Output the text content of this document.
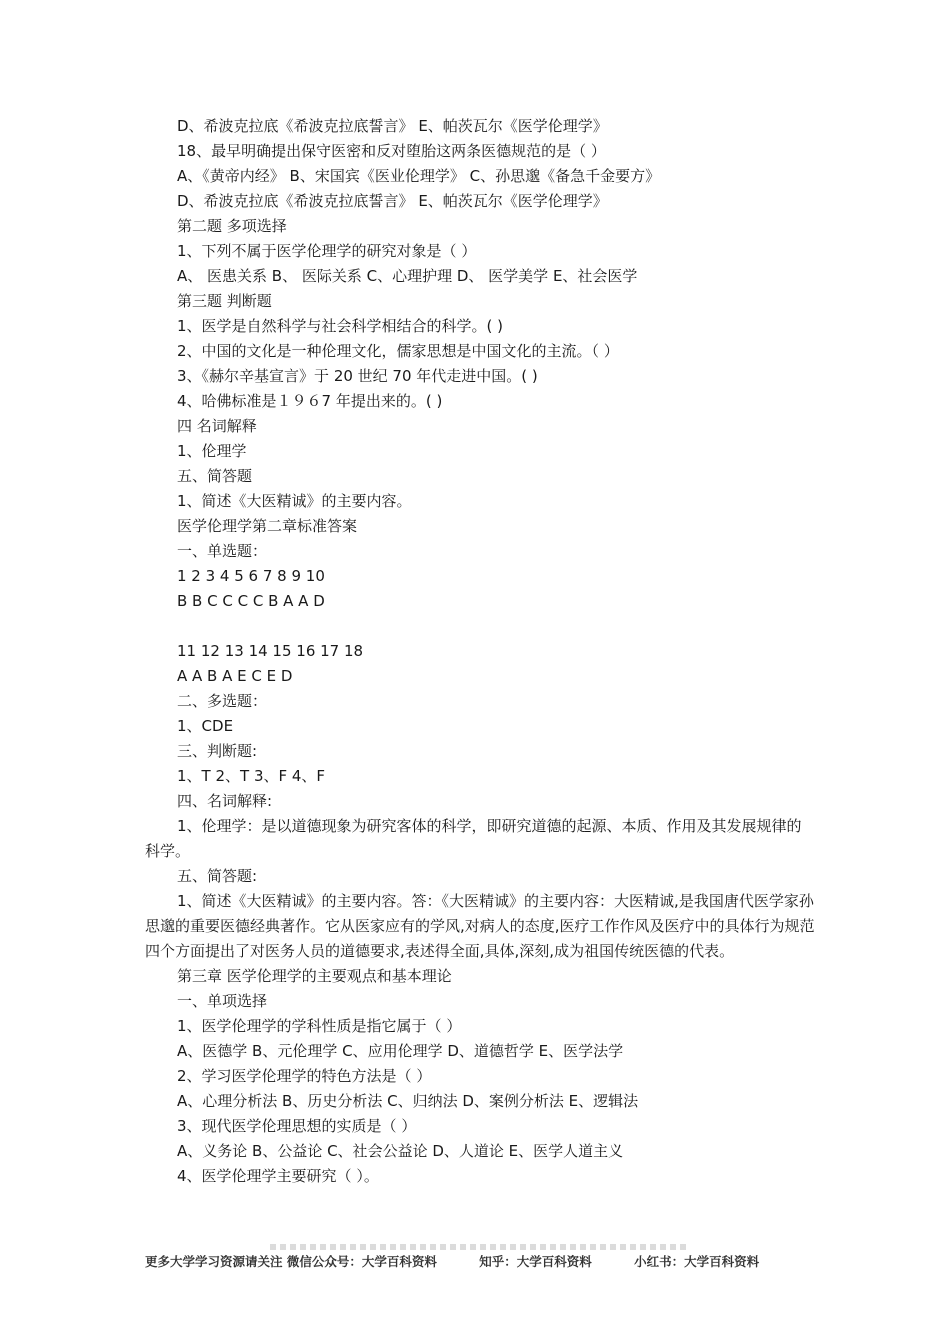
D、希波克拉底《希波克拉底誓言》 E、帕茨瓦尔《医学伦理学》
18、最早明确提出保守医密和反对堕胎这两条医德规范的是（ ）
A、《黄帝内经》 B、宋国宾《医业伦理学》 C、孙思邈《备急千金要方》
D、希波克拉底《希波克拉底誓言》 E、帕茨瓦尔《医学伦理学》
第二题 多项选择
1、下列不属于医学伦理学的研究对象是（ ）
A、 医患关系 B、 医际关系 C、心理护理 D、 医学美学 E、社会医学
第三题 判断题
1、医学是自然科学与社会科学相结合的科学。( )
2、中国的文化是一种伦理文化，儒家思想是中国文化的主流。（ ）
3、《赫尔辛基宣言》于 20 世纪 70 年代走进中国。( )
4、哈佛标准是１９６7 年提出来的。( )
四 名词解释
1、伦理学
五、简答题
1、简述《大医精诚》的主要内容。
医学伦理学第二章标准答案
一、单选题：
1 2 3 4 5 6 7 8 9 10
B B C C C C B A A D
11 12 13 14 15 16 17 18
A A B A E C E D
二、多选题：
1、CDE
三、判断题:
1、T 2、T 3、F 4、F
四、名词解释:
1、伦理学：是以道德现象为研究客体的科学，即研究道德的起源、本质、作用及其发展规律的科学。
五、简答题:
1、简述《大医精诚》的主要内容。答：《大医精诚》的主要内容：大医精诚,是我国唐代医学家孙思邈的重要医德经典著作。它从医家应有的学风,对病人的态度,医疗工作作风及医疗中的具体行为规范四个方面提出了对医务人员的道德要求,表述得全面,具体,深刻,成为祖国传统医德的代表。
第三章 医学伦理学的主要观点和基本理论
一、单项选择
1、医学伦理学的学科性质是指它属于（ ）
A、医德学 B、元伦理学 C、应用伦理学 D、道德哲学 E、医学法学
2、学习医学伦理学的特色方法是（ ）
A、心理分析法 B、历史分析法 C、归纳法 D、案例分析法 E、逻辑法
3、现代医学伦理思想的实质是（ ）
A、义务论 B、公益论 C、社会公益论 D、人道论 E、医学人道主义
4、医学伦理学主要研究（ ）。
更多大学学习资源请关注 微信公众号：大学百科资料	知乎：大学百科资料	小红书：大学百科资料
